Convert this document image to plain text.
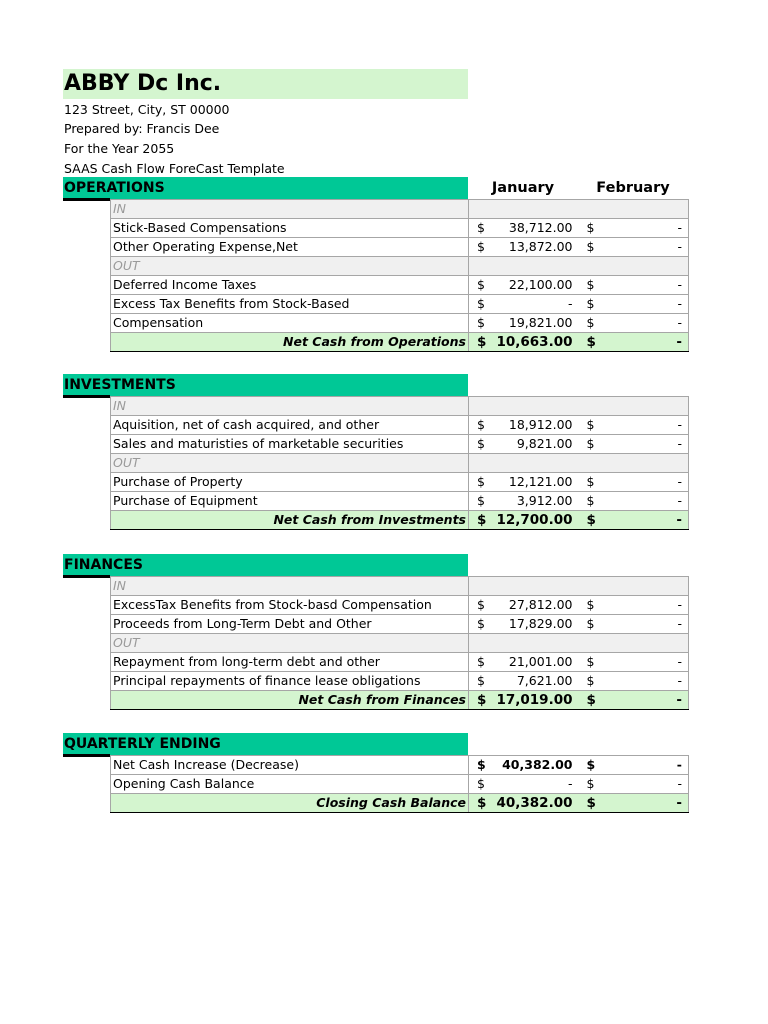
ABBY Dc Inc.
123 Street, City, ST 00000
Prepared by: Francis Dee
For the Year 2055
SAAS Cash Flow ForeCast Template
January	February
OPERATIONS
IN		
Stick-Based Compensations	$ 38,712.00	$ -

Other Operating Expense,Net	$ 13,872.00	$ -

OUT		
Deferred Income Taxes	$ 22,100.00	$ -

Excess Tax Benefits from Stock-Based	$ -	$ -

Compensation	$ 19,821.00	$ -

Net Cash from Operations	$ 10,663.00	$ -
INVESTMENTS
IN		
Aquisition, net of cash acquired, and other	$ 18,912.00	$ -

Sales and maturisties of marketable securities	$ 9,821.00	$ -

OUT		
Purchase of Property	$ 12,121.00	$ -

Purchase of Equipment	$ 3,912.00	$ -

Net Cash from Investments	$ 12,700.00	$ -
FINANCES
IN		
ExcessTax Benefits from Stock-basd Compensation	$ 27,812.00	$ -

Proceeds from Long-Term Debt and Other	$ 17,829.00	$ -

OUT		
Repayment from long-term debt and other	$ 21,001.00	$ -

Principal repayments of finance lease obligations	$ 7,621.00	$ -

Net Cash from Finances	$ 17,019.00	$ -
QUARTERLY ENDING
Net Cash Increase (Decrease)	$ 40,382.00	$ -

Opening Cash Balance	$ -	$ -

Closing Cash Balance	$ 40,382.00	$ -
